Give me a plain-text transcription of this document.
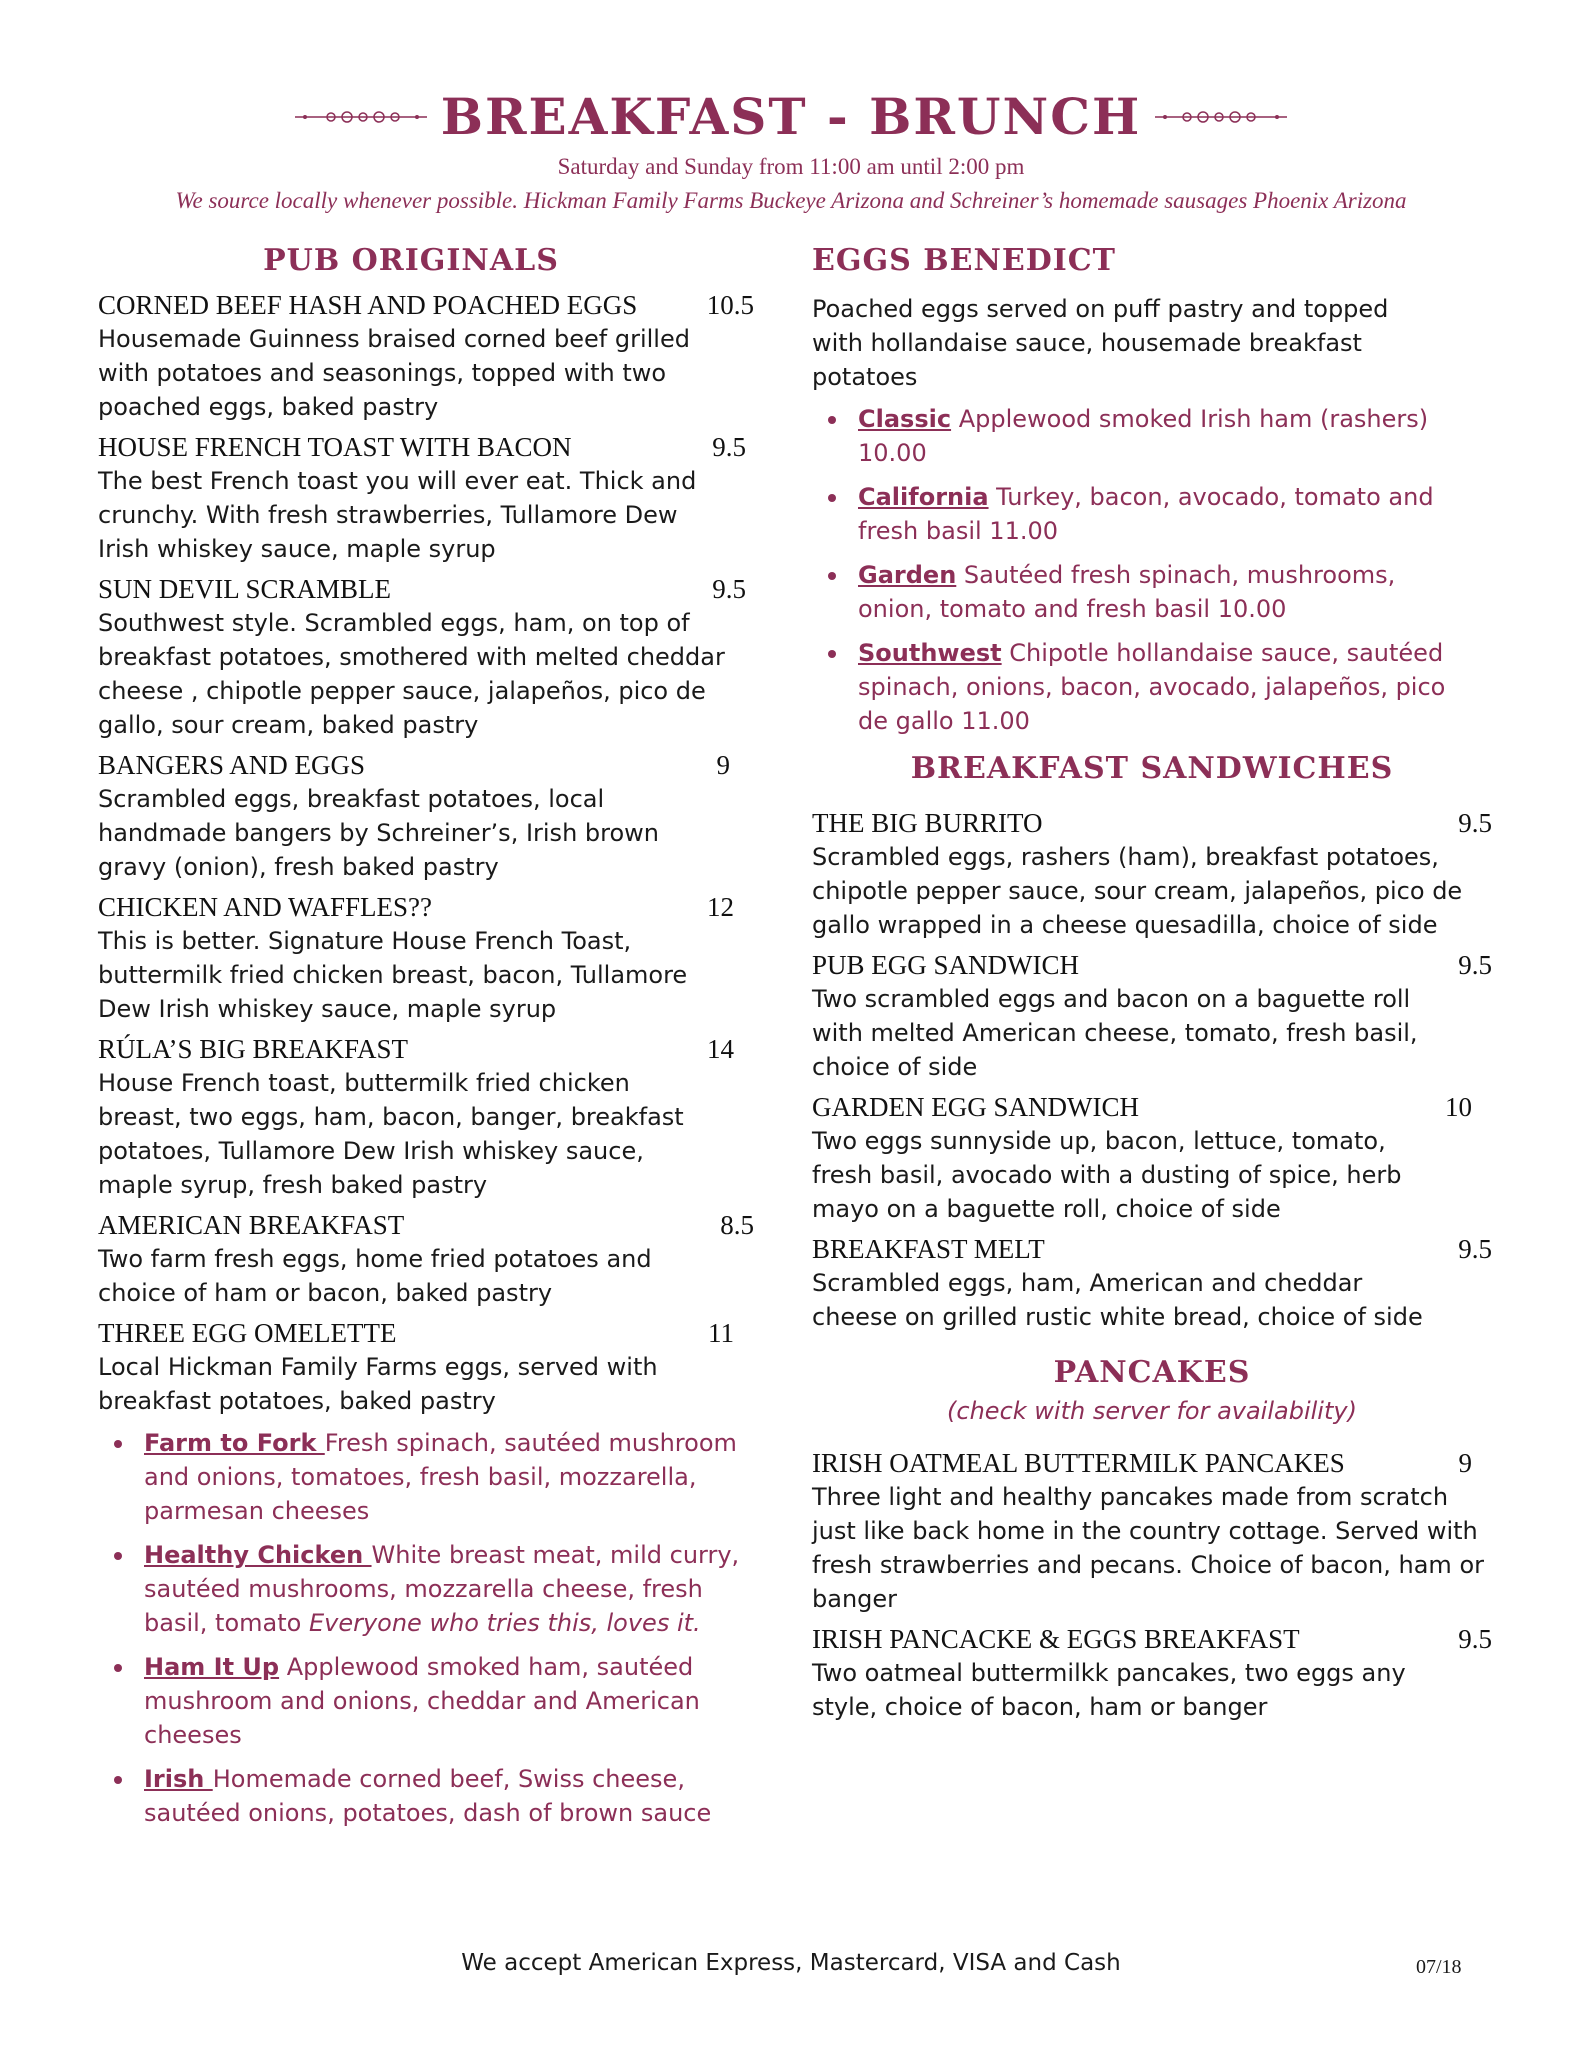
BREAKFAST - BRUNCH
Saturday and Sunday from 11:00 am until 2:00 pm
We source locally whenever possible. Hickman Family Farms Buckeye Arizona and Schreiner’s homemade sausages Phoenix Arizona
PUB ORIGINALS
CORNED BEEF HASH AND POACHED EGGS	10.5
Housemade Guinness braised corned beef grilled with potatoes and seasonings, topped with two poached eggs, baked pastry
HOUSE FRENCH TOAST WITH BACON	9.5
The best French toast you will ever eat. Thick and crunchy. With fresh strawberries, Tullamore Dew Irish whiskey sauce, maple syrup
SUN DEVIL SCRAMBLE	9.5
Southwest style. Scrambled eggs, ham, on top of breakfast potatoes, smothered with melted cheddar cheese , chipotle pepper sauce, jalapeños, pico de gallo, sour cream, baked pastry
BANGERS AND EGGS	9
Scrambled eggs, breakfast potatoes, local handmade bangers by Schreiner’s, Irish brown gravy (onion), fresh baked pastry
CHICKEN AND WAFFLES??	12
This is better. Signature House French Toast, buttermilk fried chicken breast, bacon, Tullamore Dew Irish whiskey sauce, maple syrup
RÚLA’S BIG BREAKFAST	14
House French toast, buttermilk fried chicken breast, two eggs, ham, bacon, banger, breakfast potatoes, Tullamore Dew Irish whiskey sauce, maple syrup, fresh baked pastry
AMERICAN BREAKFAST	8.5
Two farm fresh eggs, home fried potatoes and choice of ham or bacon, baked pastry
THREE EGG OMELETTE	11
Local Hickman Family Farms eggs, served with breakfast potatoes, baked pastry
Farm to Fork Fresh spinach, sautéed mushroom and onions, tomatoes, fresh basil, mozzarella, parmesan cheeses
Healthy Chicken White breast meat, mild curry, sautéed mushrooms, mozzarella cheese, fresh basil, tomato Everyone who tries this, loves it.
Ham It Up Applewood smoked ham, sautéed mushroom and onions, cheddar and American cheeses
Irish Homemade corned beef, Swiss cheese, sautéed onions, potatoes, dash of brown sauce
EGGS BENEDICT
Poached eggs served on puff pastry and topped with hollandaise sauce, housemade breakfast potatoes
Classic Applewood smoked Irish ham (rashers) 10.00
California Turkey, bacon, avocado, tomato and fresh basil 11.00
Garden Sautéed fresh spinach, mushrooms, onion, tomato and fresh basil 10.00
Southwest Chipotle hollandaise sauce, sautéed spinach, onions, bacon, avocado, jalapeños, pico de gallo 11.00
BREAKFAST SANDWICHES
THE BIG BURRITO	9.5
Scrambled eggs, rashers (ham), breakfast potatoes, chipotle pepper sauce, sour cream, jalapeños, pico de gallo wrapped in a cheese quesadilla, choice of side
PUB EGG SANDWICH	9.5
Two scrambled eggs and bacon on a baguette roll with melted American cheese, tomato, fresh basil, choice of side
GARDEN EGG SANDWICH	10
Two eggs sunnyside up, bacon, lettuce, tomato, fresh basil, avocado with a dusting of spice, herb mayo on a baguette roll, choice of side
BREAKFAST MELT	9.5
Scrambled eggs, ham, American and cheddar cheese on grilled rustic white bread, choice of side
PANCAKES
(check with server for availability)
IRISH OATMEAL BUTTERMILK PANCAKES	9
Three light and healthy pancakes made from scratch just like back home in the country cottage. Served with fresh strawberries and pecans. Choice of bacon, ham or banger
IRISH PANCACKE & EGGS BREAKFAST	9.5
Two oatmeal buttermilkk pancakes, two eggs any style, choice of bacon, ham or banger
We accept American Express, Mastercard, VISA and Cash	07/18
